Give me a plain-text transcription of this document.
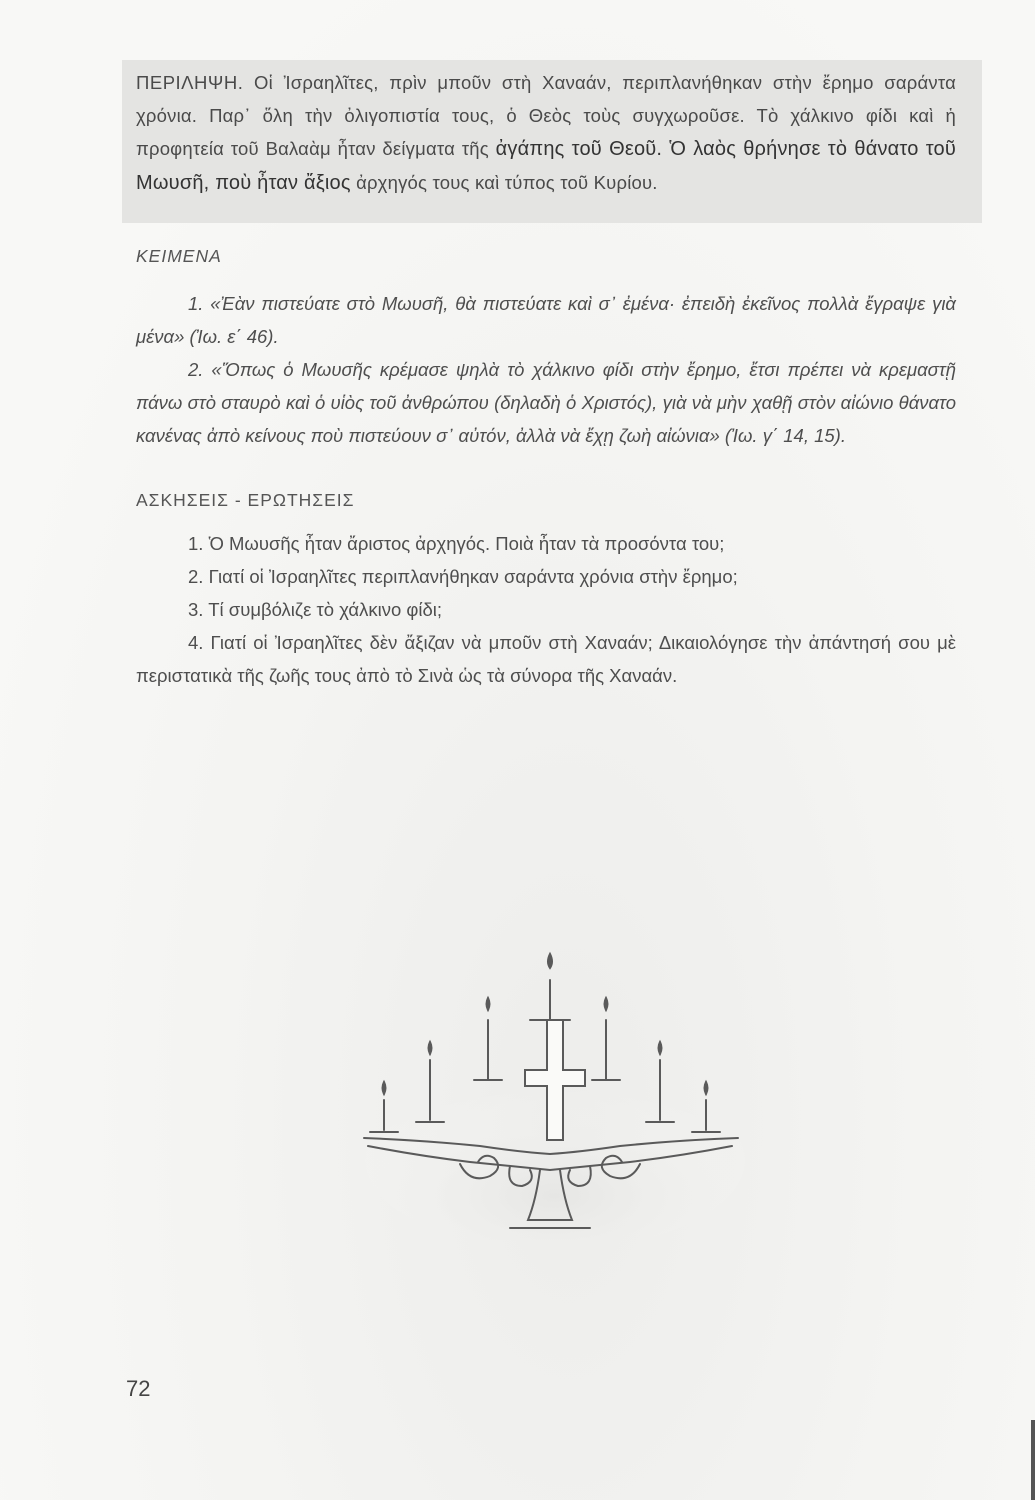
ΠΕΡΙΛΗΨΗ. Οἱ Ἰσραηλῖτες, πρὶν μποῦν στὴ Χαναάν, περιπλανήθηκαν στὴν ἔρημο σαράντα χρόνια. Παρ᾽ ὅλη τὴν ὀλιγοπιστία τους, ὁ Θεὸς τοὺς συγχωροῦσε. Τὸ χάλκινο φίδι καὶ ἡ προφητεία τοῦ Βαλαὰμ ἦταν δείγματα τῆς ἀγάπης τοῦ Θεοῦ. Ὁ λαὸς θρήνησε τὸ θάνατο τοῦ Μωυσῆ, ποὺ ἦταν ἄξιος ἀρχηγός τους καὶ τύπος τοῦ Κυρίου.
ΚΕΙΜΕΝΑ

1. «Ἐὰν πιστεύατε στὸ Μωυσῆ, θὰ πιστεύατε καὶ σ᾽ ἐμένα· ἐπειδὴ ἐκεῖνος πολλὰ ἔγραψε γιὰ μένα» (Ἰω. ε΄ 46).

2. «Ὅπως ὁ Μωυσῆς κρέμασε ψηλὰ τὸ χάλκινο φίδι στὴν ἔρημο, ἔτσι πρέπει νὰ κρεμαστῇ πάνω στὸ σταυρὸ καὶ ὁ υἱὸς τοῦ ἀνθρώπου (δηλαδὴ ὁ Χριστός), γιὰ νὰ μὴν χαθῇ στὸν αἰώνιο θάνατο κανένας ἀπὸ κείνους ποὺ πιστεύουν σ᾽ αὐτόν, ἀλλὰ νὰ ἔχῃ ζωὴ αἰώνια» (Ἰω. γ΄ 14, 15).

ΑΣΚΗΣΕΙΣ - ΕΡΩΤΗΣΕΙΣ

1. Ὁ Μωυσῆς ἦταν ἄριστος ἀρχηγός. Ποιὰ ἦταν τὰ προσόντα του;

2. Γιατί οἱ Ἰσραηλῖτες περιπλανήθηκαν σαράντα χρόνια στὴν ἔρημο;

3. Τί συμβόλιζε τὸ χάλκινο φίδι;

4. Γιατί οἱ Ἰσραηλῖτες δὲν ἄξιζαν νὰ μποῦν στὴ Χαναάν; Δικαιολόγησε τὴν ἀπάντησή σου μὲ περιστατικὰ τῆς ζωῆς τους ἀπὸ τὸ Σινὰ ὡς τὰ σύνορα τῆς Χαναάν.

72
